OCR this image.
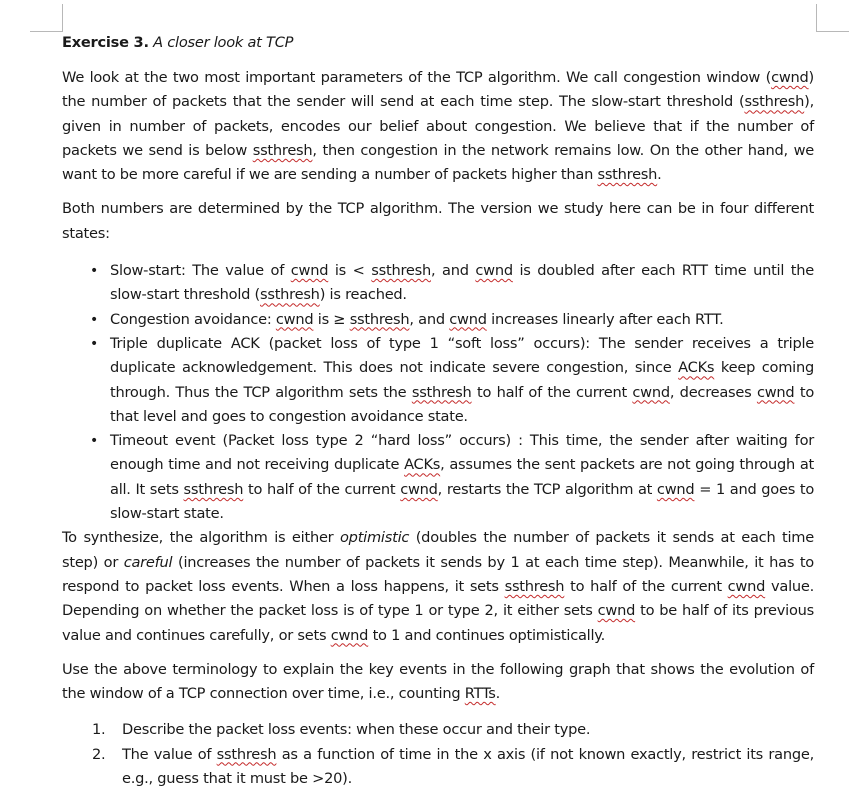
Exercise 3. A closer look at TCP

We look at the two most important parameters of the TCP algorithm. We call congestion window (cwnd) the number of packets that the sender will send at each time step. The slow-start threshold (ssthresh), given in number of packets, encodes our belief about congestion. We believe that if the number of packets we send is below ssthresh, then congestion in the network remains low. On the other hand, we want to be more careful if we are sending a number of packets higher than ssthresh.

Both numbers are determined by the TCP algorithm. The version we study here can be in four different states:

• Slow-start: The value of cwnd is < ssthresh, and cwnd is doubled after each RTT time until the slow-start threshold (ssthresh) is reached.
• Congestion avoidance: cwnd is ≥ ssthresh, and cwnd increases linearly after each RTT.
• Triple duplicate ACK (packet loss of type 1 “soft loss” occurs): The sender receives a triple duplicate acknowledgement. This does not indicate severe congestion, since ACKs keep coming through. Thus the TCP algorithm sets the ssthresh to half of the current cwnd, decreases cwnd to that level and goes to congestion avoidance state.
• Timeout event (Packet loss type 2 “hard loss” occurs) : This time, the sender after waiting for enough time and not receiving duplicate ACKs, assumes the sent packets are not going through at all. It sets ssthresh to half of the current cwnd, restarts the TCP algorithm at cwnd = 1 and goes to slow-start state.

To synthesize, the algorithm is either optimistic (doubles the number of packets it sends at each time step) or careful (increases the number of packets it sends by 1 at each time step). Meanwhile, it has to respond to packet loss events. When a loss happens, it sets ssthresh to half of the current cwnd value. Depending on whether the packet loss is of type 1 or type 2, it either sets cwnd to be half of its previous value and continues carefully, or sets cwnd to 1 and continues optimistically.

Use the above terminology to explain the key events in the following graph that shows the evolution of the window of a TCP connection over time, i.e., counting RTTs.

1. Describe the packet loss events: when these occur and their type.
2. The value of ssthresh as a function of time in the x axis (if not known exactly, restrict its range, e.g., guess that it must be >20).
